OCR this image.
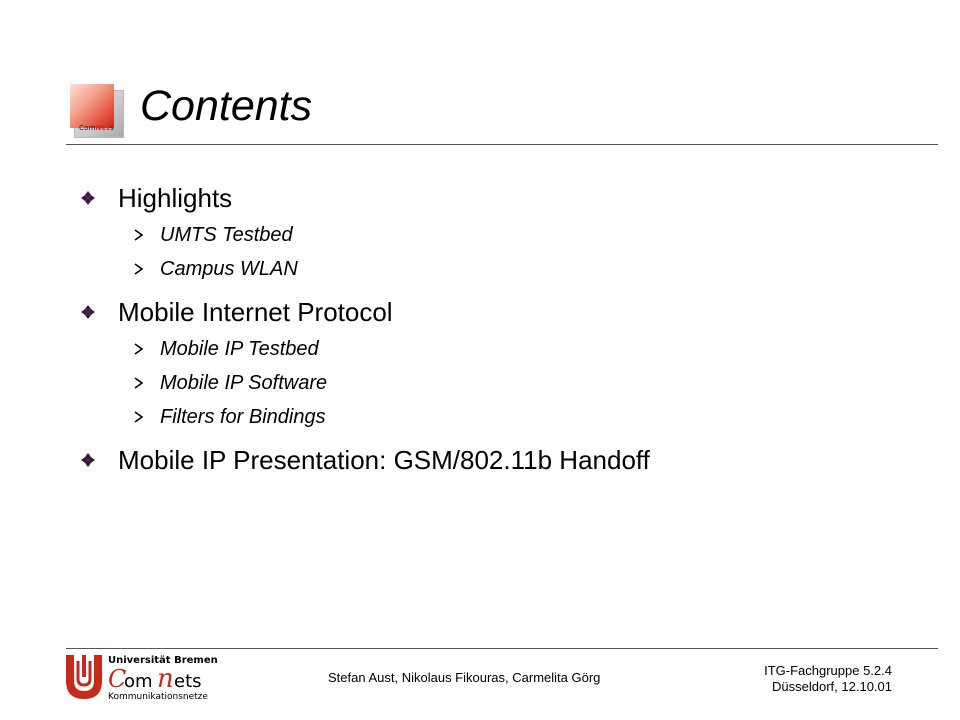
ComNets Contents
Highlights
UMTS Testbed
Campus WLAN
Mobile Internet Protocol
Mobile IP Testbed
Mobile IP Software
Filters for Bindings
Mobile IP Presentation: GSM/802.11b Handoff
Universität Bremen
C
om n ets
Kommunikationsnetze
Stefan Aust, Nikolaus Fikouras, Carmelita Görg	ITG-Fachgruppe 5.2.4
Düsseldorf, 12.10.01
